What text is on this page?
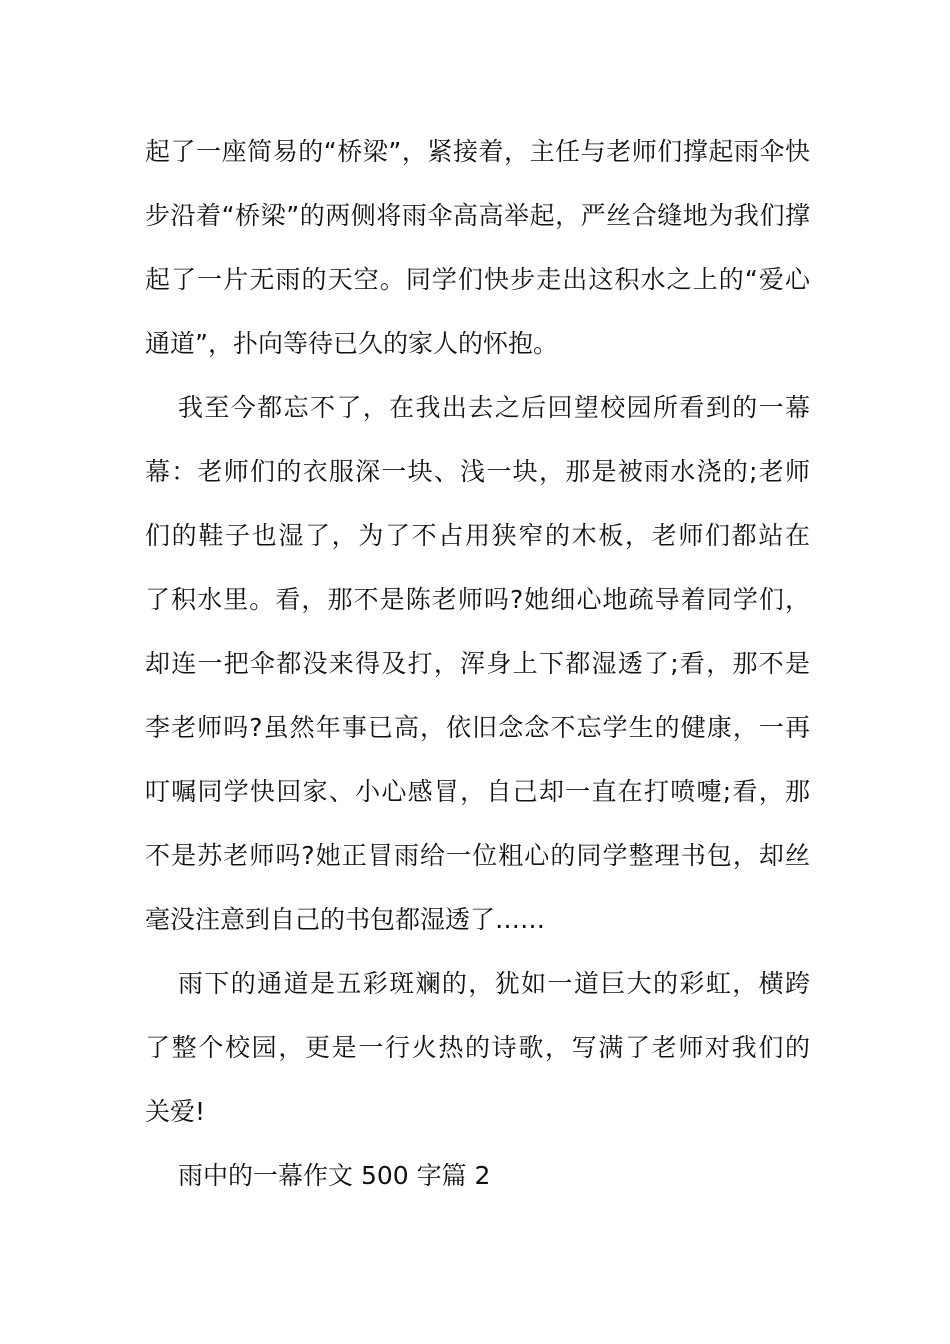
起了一座简易的“桥梁”，紧接着，主任与老师们撑起雨伞快
步沿着“桥梁”的两侧将雨伞高高举起，严丝合缝地为我们撑
起了一片无雨的天空。同学们快步走出这积水之上的“爱心
通道”，扑向等待已久的家人的怀抱。
我至今都忘不了，在我出去之后回望校园所看到的一幕
幕：老师们的衣服深一块、浅一块，那是被雨水浇的;老师
们的鞋子也湿了，为了不占用狭窄的木板，老师们都站在
了积水里。看，那不是陈老师吗?她细心地疏导着同学们，
却连一把伞都没来得及打，浑身上下都湿透了;看，那不是
李老师吗?虽然年事已高，依旧念念不忘学生的健康，一再
叮嘱同学快回家、小心感冒，自己却一直在打喷嚏;看，那
不是苏老师吗?她正冒雨给一位粗心的同学整理书包，却丝
毫没注意到自己的书包都湿透了……
雨下的通道是五彩斑斓的，犹如一道巨大的彩虹，横跨
了整个校园，更是一行火热的诗歌，写满了老师对我们的
关爱!
雨中的一幕作文 500 字篇 2
